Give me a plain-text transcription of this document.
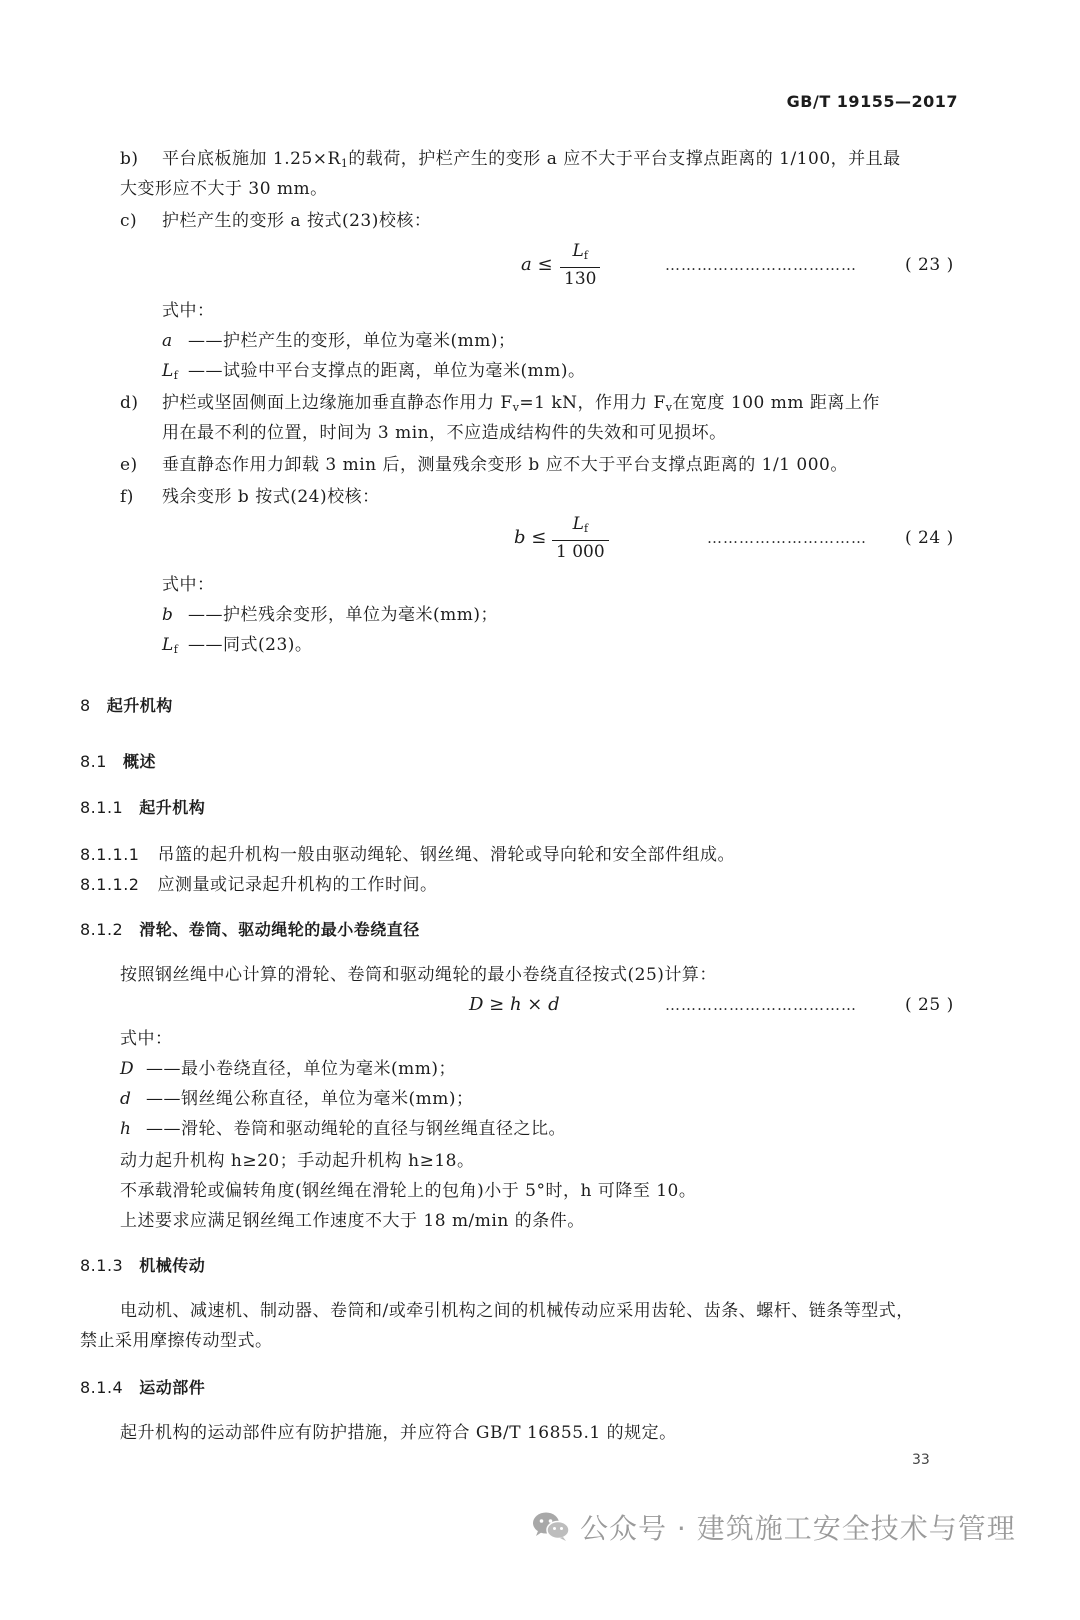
GB/T 19155—2017
b) 平台底板施加 $1.25\times R_1$的载荷，护栏产生的变形 a 应不大于平台支撑点距离的 1/100，并且最
大变形应不大于 30 mm。
c) 护栏产生的变形 a 按式(23)校核：
$a \le \frac{L_f}{130}$	………………………………	( 23 )
式中：
a ——护栏产生的变形，单位为毫米(mm)；
$L_f$ ——试验中平台支撑点的距离，单位为毫米(mm)。
d) 护栏或坚固侧面上边缘施加垂直静态作用力 $F_v=1$ kN，作用力 $F_v$在宽度 100 mm 距离上作
用在最不利的位置，时间为 3 min，不应造成结构件的失效和可见损坏。
e) 垂直静态作用力卸载 3 min 后，测量残余变形 b 应不大于平台支撑点距离的 1/1 000。
f) 残余变形 b 按式(24)校核：
$b \le \frac{L_f}{1 000}$	………………………… ( 24 )
式中：
b ——护栏残余变形，单位为毫米(mm)；
$L_f$ ——同式(23)。
8 起升机构
8.1 概述
8.1.1 起升机构
8.1.1.1 吊篮的起升机构一般由驱动绳轮、钢丝绳、滑轮或导向轮和安全部件组成。
8.1.1.2 应测量或记录起升机构的工作时间。
8.1.2 滑轮、卷筒、驱动绳轮的最小卷绕直径
按照钢丝绳中心计算的滑轮、卷筒和驱动绳轮的最小卷绕直径按式(25)计算：
D ≥ h × d	………………………………	( 25 )
式中：
D ——最小卷绕直径，单位为毫米(mm)；
d ——钢丝绳公称直径，单位为毫米(mm)；
h ——滑轮、卷筒和驱动绳轮的直径与钢丝绳直径之比。
动力起升机构 h≥20；手动起升机构 h≥18。
不承载滑轮或偏转角度(钢丝绳在滑轮上的包角)小于 5°时，h 可降至 10。
上述要求应满足钢丝绳工作速度不大于 18 m/min 的条件。
8.1.3 机械传动
电动机、减速机、制动器、卷筒和/或牵引机构之间的机械传动应采用齿轮、齿条、螺杆、链条等型式，
禁止采用摩擦传动型式。
8.1.4 运动部件
起升机构的运动部件应有防护措施，并应符合 GB/T 16855.1 的规定。
33
公众号 · 建筑施工安全技术与管理
